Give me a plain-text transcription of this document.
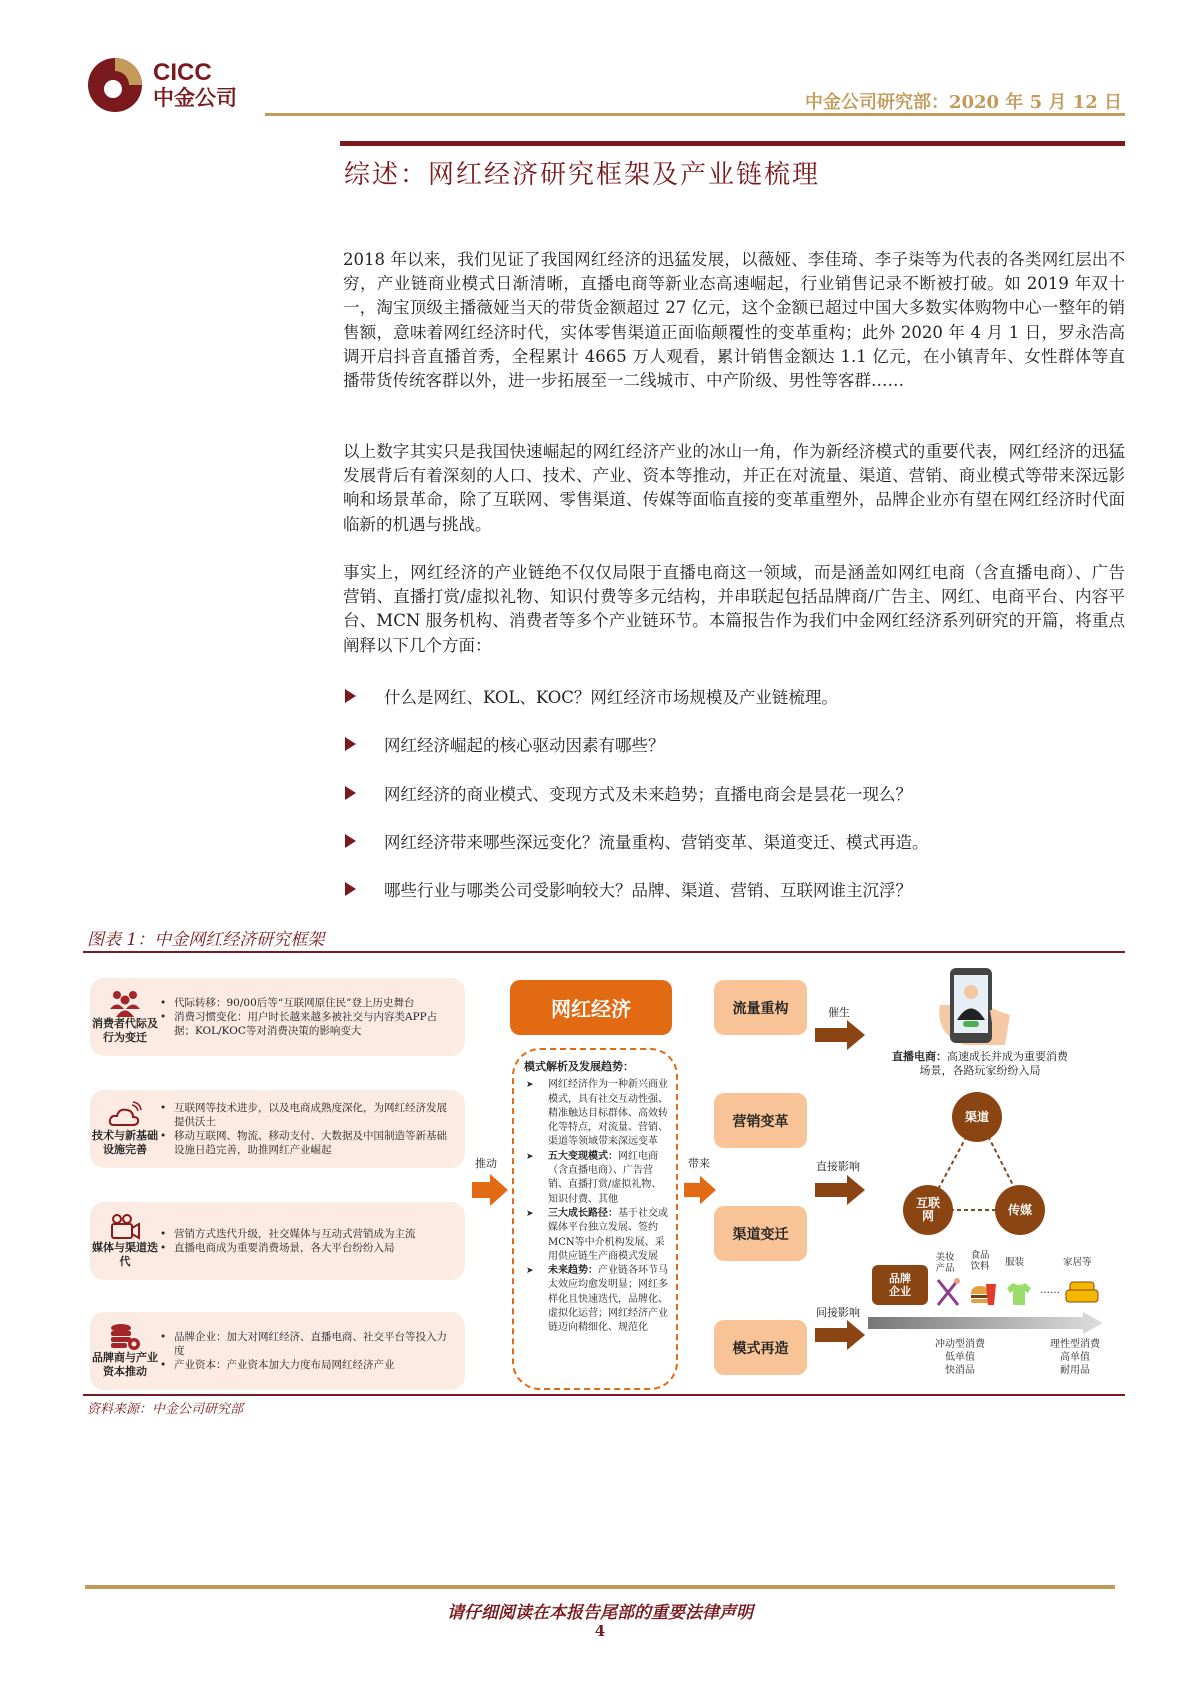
CICC
中金公司	中金公司研究部：2020 年 5 月 12 日
综述：网红经济研究框架及产业链梳理

2018 年以来，我们见证了我国网红经济的迅猛发展，以薇娅、李佳琦、李子柒等为代表的各类网红层出不穷，产业链商业模式日渐清晰，直播电商等新业态高速崛起，行业销售记录不断被打破。如 2019 年双十一，淘宝顶级主播薇娅当天的带货金额超过 27 亿元，这个金额已超过中国大多数实体购物中心一整年的销售额，意味着网红经济时代，实体零售渠道正面临颠覆性的变革重构；此外 2020 年 4 月 1 日，罗永浩高调开启抖音直播首秀，全程累计 4665 万人观看，累计销售金额达 1.1 亿元，在小镇青年、女性群体等直播带货传统客群以外，进一步拓展至一二线城市、中产阶级、男性等客群……

以上数字其实只是我国快速崛起的网红经济产业的冰山一角，作为新经济模式的重要代表，网红经济的迅猛发展背后有着深刻的人口、技术、产业、资本等推动，并正在对流量、渠道、营销、商业模式等带来深远影响和场景革命，除了互联网、零售渠道、传媒等面临直接的变革重塑外，品牌企业亦有望在网红经济时代面临新的机遇与挑战。

事实上，网红经济的产业链绝不仅仅局限于直播电商这一领域，而是涵盖如网红电商（含直播电商）、广告营销、直播打赏/虚拟礼物、知识付费等多元结构，并串联起包括品牌商/广告主、网红、电商平台、内容平台、MCN 服务机构、消费者等多个产业链环节。本篇报告作为我们中金网红经济系列研究的开篇，将重点阐释以下几个方面：

什么是网红、KOL、KOC？网红经济市场规模及产业链梳理。
网红经济崛起的核心驱动因素有哪些？
网红经济的商业模式、变现方式及未来趋势；直播电商会是昙花一现么？
网红经济带来哪些深远变化？流量重构、营销变革、渠道变迁、模式再造。
哪些行业与哪类公司受影响较大？品牌、渠道、营销、互联网谁主沉浮？
图表 1：中金网红经济研究框架
消费者代际及行为变迁
• 代际转移：90/00后等“互联网原住民”登上历史舞台
• 消费习惯变化：用户时长越来越多被社交与内容类APP占据；KOL/KOC等对消费决策的影响变大
技术与新基础设施完善
• 互联网等技术进步，以及电商成熟度深化，为网红经济发展提供沃土
• 移动互联网、物流、移动支付、大数据及中国制造等新基础设施日趋完善，助推网红产业崛起
媒体与渠道迭代
• 营销方式迭代升级，社交媒体与互动式营销成为主流
• 直播电商成为重要消费场景，各大平台纷纷入局
品牌商与产业资本推动
• 品牌企业：加大对网红经济、直播电商、社交平台等投入力度
• 产业资本：产业资本加大力度布局网红经济产业
推动
网红经济
模式解析及发展趋势：
➤ 网红经济作为一种新兴商业模式，具有社交互动性强、精准触达目标群体、高效转化等特点，对流量、营销、渠道等领域带来深远变革
➤ 五大变现模式：网红电商（含直播电商）、广告营销、直播打赏/虚拟礼物、知识付费、其他
➤ 三大成长路径：基于社交或媒体平台独立发展、签约MCN等中介机构发展、采用供应链生产商模式发展
➤ 未来趋势：产业链各环节马太效应均愈发明显；网红多样化且快速迭代，品牌化、虚拟化运营；网红经济产业链迈向精细化、规范化
带来
流量重构
营销变革
渠道变迁
模式再造
催生
直接影响
间接影响
直播电商：高速成长并成为重要消费场景，各路玩家纷纷入局
渠道
互联网	传媒
品牌企业
美妆产品
食品饮料 服装	家居等
……
冲动型消费
低单值
快消品
理性型消费
高单值
耐用品
资料来源：中金公司研究部
请仔细阅读在本报告尾部的重要法律声明
4
